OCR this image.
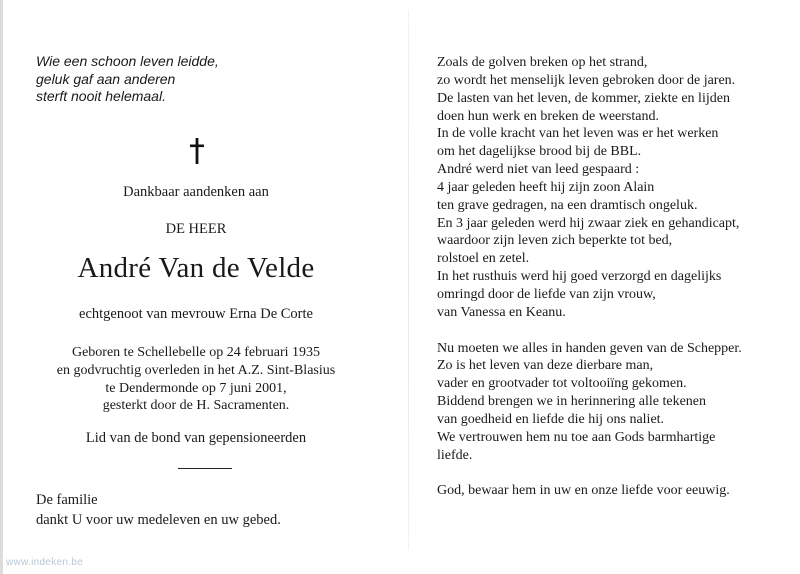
Wie een schoon leven leidde,
geluk gaf aan anderen
sterft nooit helemaal.
Dankbaar aandenken aan
DE HEER
André Van de Velde
echtgenoot van mevrouw Erna De Corte
Geboren te Schellebelle op 24 februari 1935
en godvruchtig overleden in het A.Z. Sint-Blasius
te Dendermonde op 7 juni 2001,
gesterkt door de H. Sacramenten.
Lid van de bond van gepensioneerden
De familie
dankt U voor uw medeleven en uw gebed.
Zoals de golven breken op het strand,
zo wordt het menselijk leven gebroken door de jaren.
De lasten van het leven, de kommer, ziekte en lijden
doen hun werk en breken de weerstand.
In de volle kracht van het leven was er het werken
om het dagelijkse brood bij de BBL.
André werd niet van leed gespaard :
4 jaar geleden heeft hij zijn zoon Alain
ten grave gedragen, na een dramtisch ongeluk.
En 3 jaar geleden werd hij zwaar ziek en gehandicapt,
waardoor zijn leven zich beperkte tot bed,
rolstoel en zetel.
In het rusthuis werd hij goed verzorgd en dagelijks
omringd door de liefde van zijn vrouw,
van Vanessa en Keanu.
Nu moeten we alles in handen geven van de Schepper.
Zo is het leven van deze dierbare man,
vader en grootvader tot voltooiïng gekomen.
Biddend brengen we in herinnering alle tekenen
van goedheid en liefde die hij ons naliet.
We vertrouwen hem nu toe aan Gods barmhartige
liefde.
God, bewaar hem in uw en onze liefde voor eeuwig.
www.indeken.be
